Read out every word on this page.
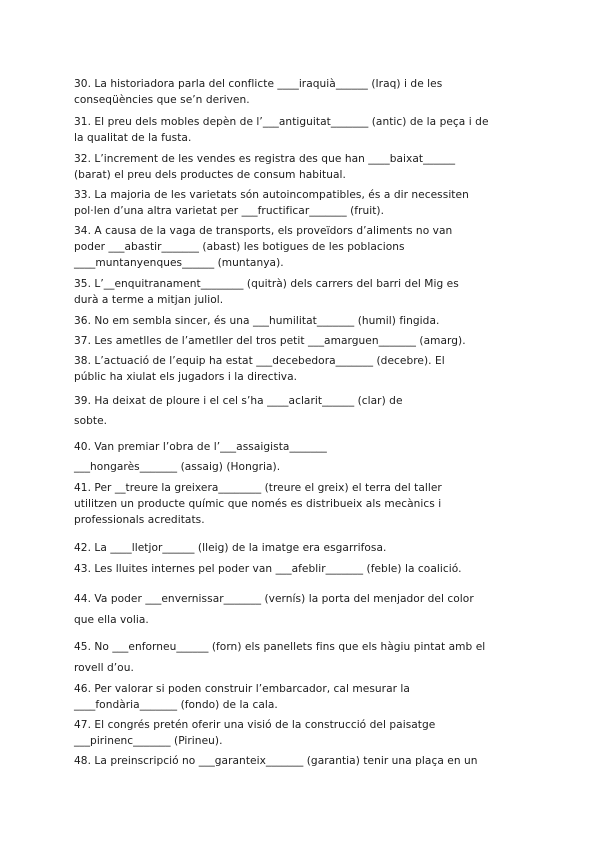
30. La historiadora parla del conflicte ____iraquià______ (Iraq) i de les
conseqüències que se’n deriven.
31. El preu dels mobles depèn de l’___antiguitat_______ (antic) de la peça i de
la qualitat de la fusta.
32. L’increment de les vendes es registra des que han ____baixat______
(barat) el preu dels productes de consum habitual.
33. La majoria de les varietats són autoincompatibles, és a dir necessiten
pol·len d’una altra varietat per ___fructificar_______ (fruit).
34. A causa de la vaga de transports, els proveïdors d’aliments no van
poder ___abastir_______ (abast) les botigues de les poblacions
____muntanyenques______ (muntanya).
35. L’__enquitranament________ (quitrà) dels carrers del barri del Mig es
durà a terme a mitjan juliol.
36. No em sembla sincer, és una ___humilitat_______ (humil) fingida.
37. Les ametlles de l’ametller del tros petit ___amarguen_______ (amarg).
38. L’actuació de l’equip ha estat ___decebedora_______ (decebre). El
públic ha xiulat els jugadors i la directiva.
39. Ha deixat de ploure i el cel s’ha ____aclarit______ (clar) de
sobte.
40. Van premiar l’obra de l’___assaigista_______
___hongarès_______ (assaig) (Hongria).
41. Per __treure la greixera________ (treure el greix) el terra del taller
utilitzen un producte químic que només es distribueix als mecànics i
professionals acreditats.
42. La ____lletjor______ (lleig) de la imatge era esgarrifosa.
43. Les lluites internes pel poder van ___afeblir_______ (feble) la coalició.
44. Va poder ___envernissar_______ (vernís) la porta del menjador del color
que ella volia.
45. No ___enforneu______ (forn) els panellets fins que els hàgiu pintat amb el
rovell d’ou.
46. Per valorar si poden construir l’embarcador, cal mesurar la
____fondària_______ (fondo) de la cala.
47. El congrés pretén oferir una visió de la construcció del paisatge
___pirinenc_______ (Pirineu).
48. La preinscripció no ___garanteix_______ (garantia) tenir una plaça en un
